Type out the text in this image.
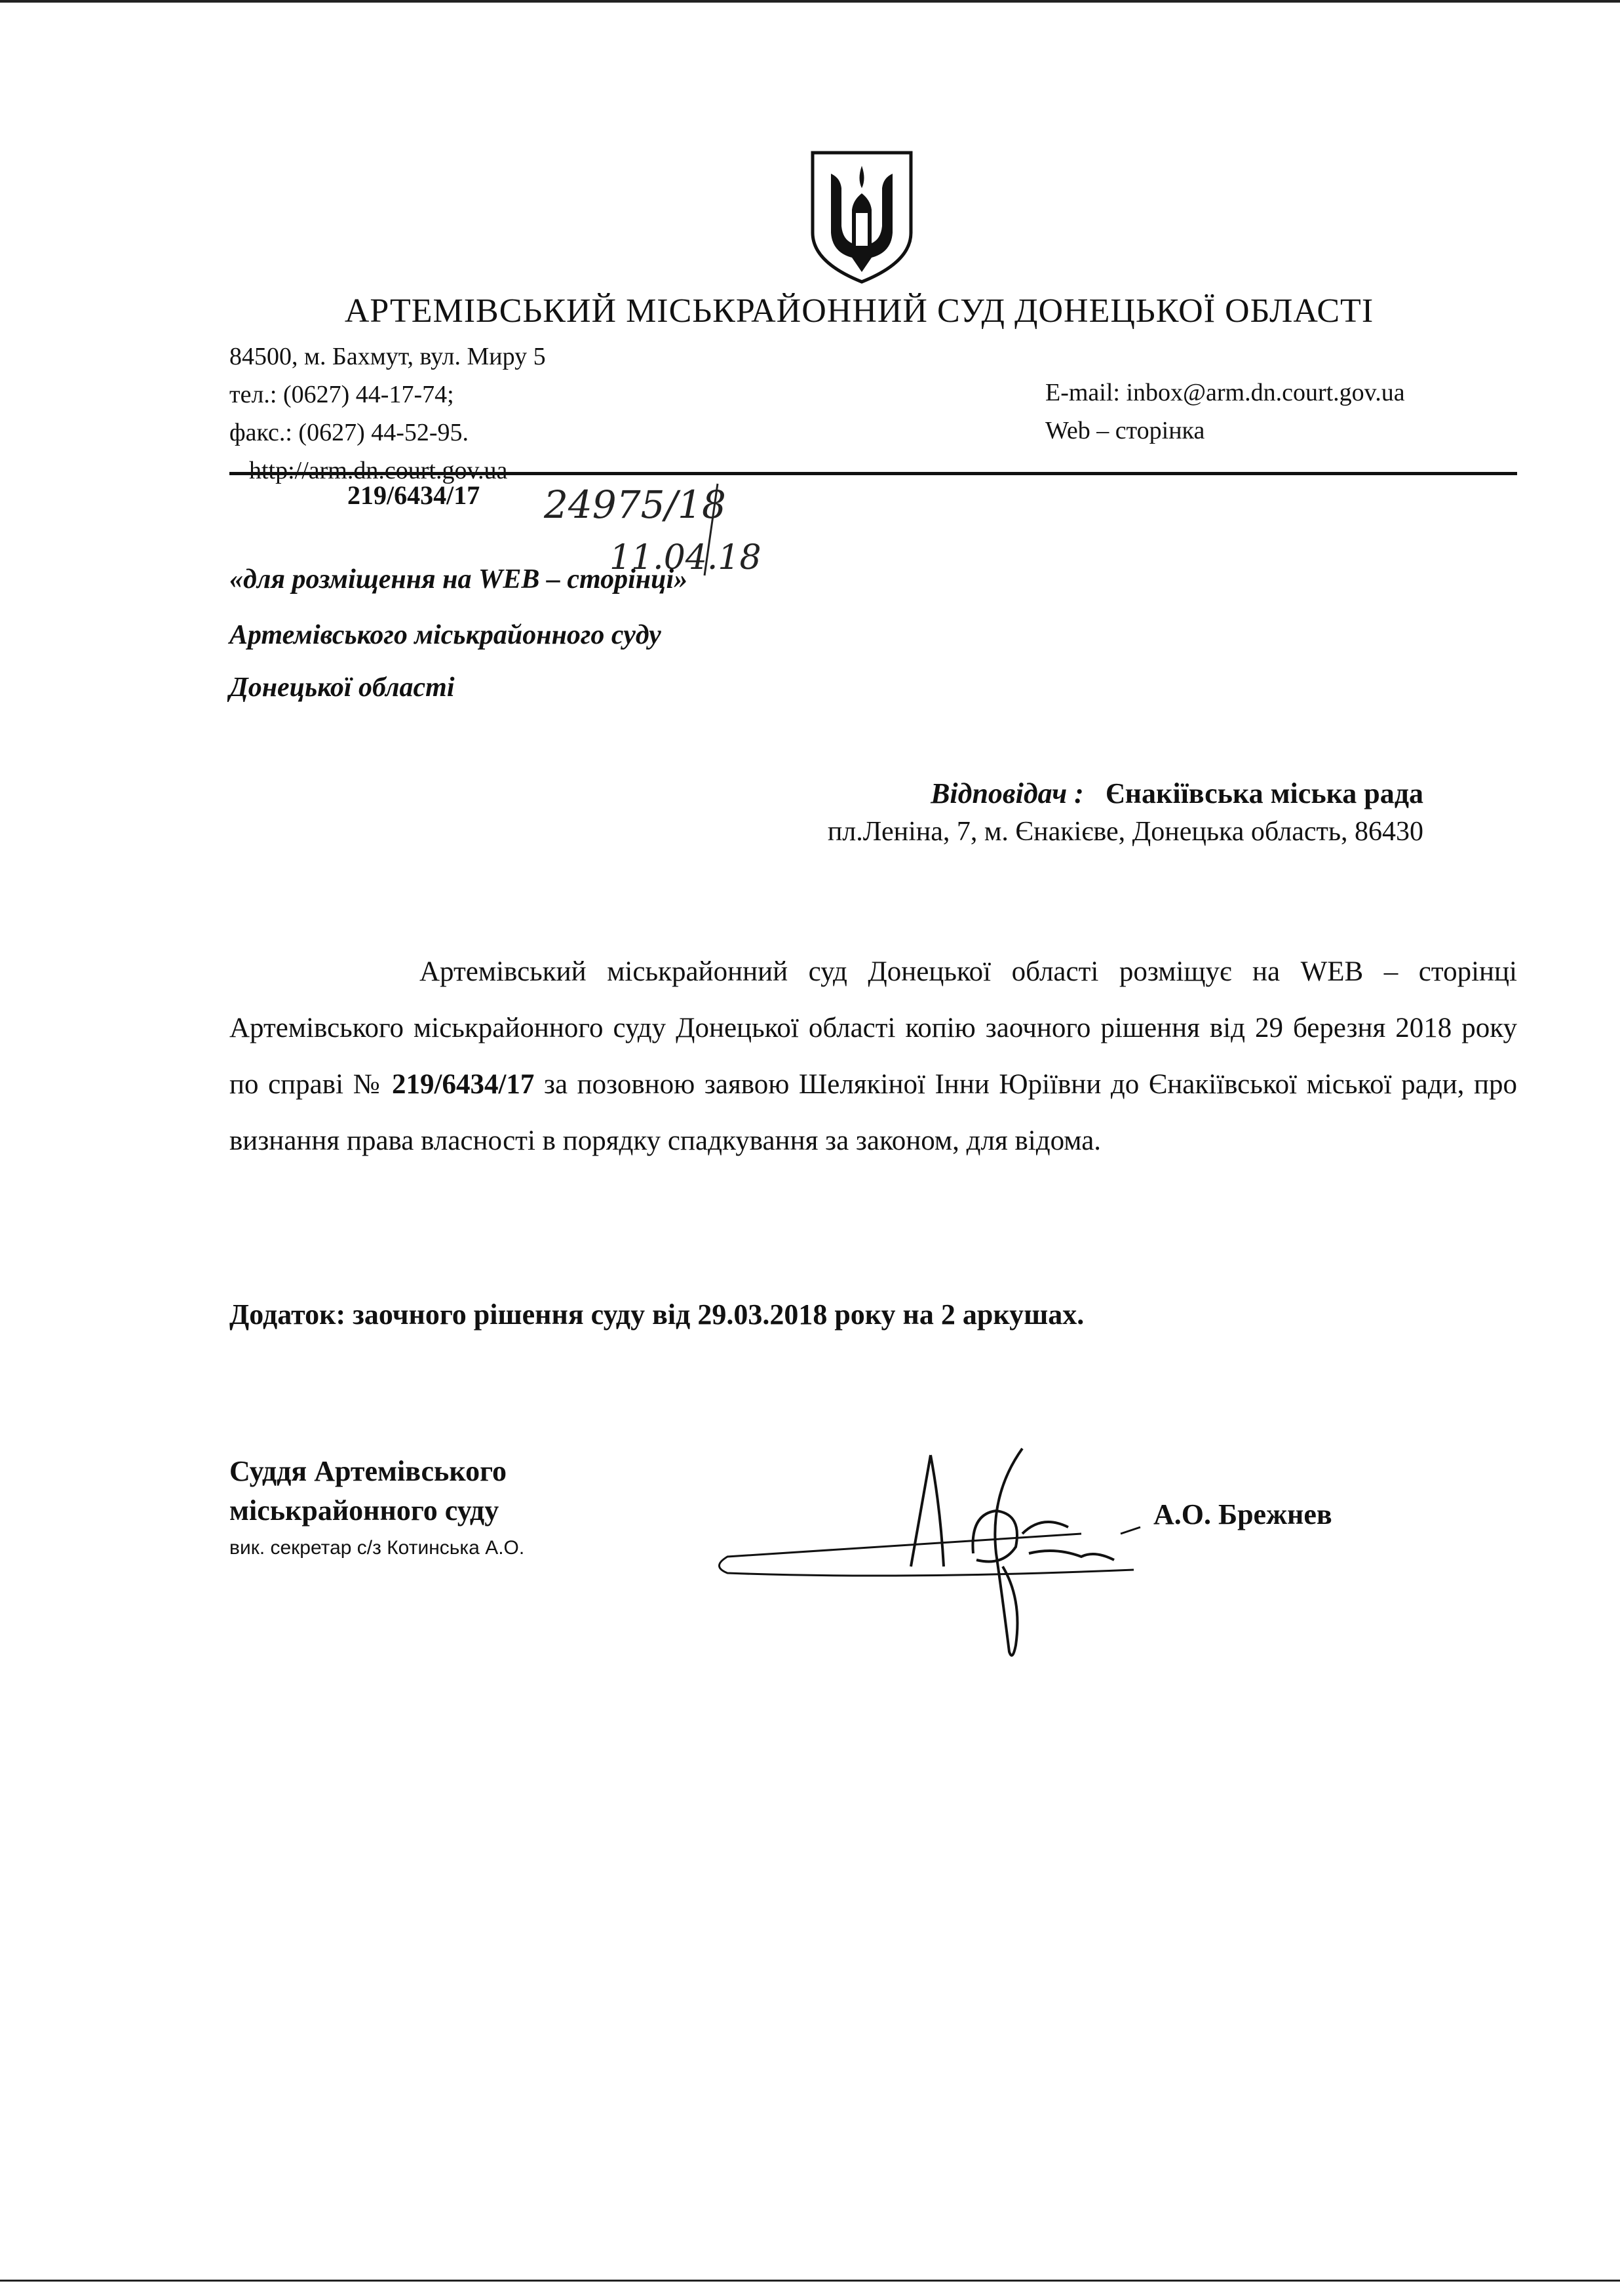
АРТЕМІВСЬКИЙ МІСЬКРАЙОННИЙ СУД ДОНЕЦЬКОЇ ОБЛАСТІ
84500, м. Бахмут, вул. Миру 5
тел.: (0627) 44-17-74;
факс.: (0627) 44-52-95.
http://arm.dn.court.gov.ua
E-mail: inbox@arm.dn.court.gov.ua
Web – сторінка
219/6434/17 24975/18
11.04.18
«для розміщення на WEB – сторінці»
Артемівського міськрайонного суду
Донецької області
Відповідач : Єнакіївська міська рада
пл.Леніна, 7, м. Єнакієве, Донецька область, 86430
Артемівський міськрайонний суд Донецької області розміщує на WEB – сторінці Артемівського міськрайонного суду Донецької області копію заочного рішення від 29 березня 2018 року по справі № 219/6434/17 за позовною заявою Шелякіної Інни Юріївни до Єнакіївської міської ради, про визнання права власності в порядку спадкування за законом, для відома.
Додаток: заочного рішення суду від 29.03.2018 року на 2 аркушах.
Суддя Артемівського
міськрайонного суду
вик. секретар с/з Котинська А.О.
А.О. Брежнев
